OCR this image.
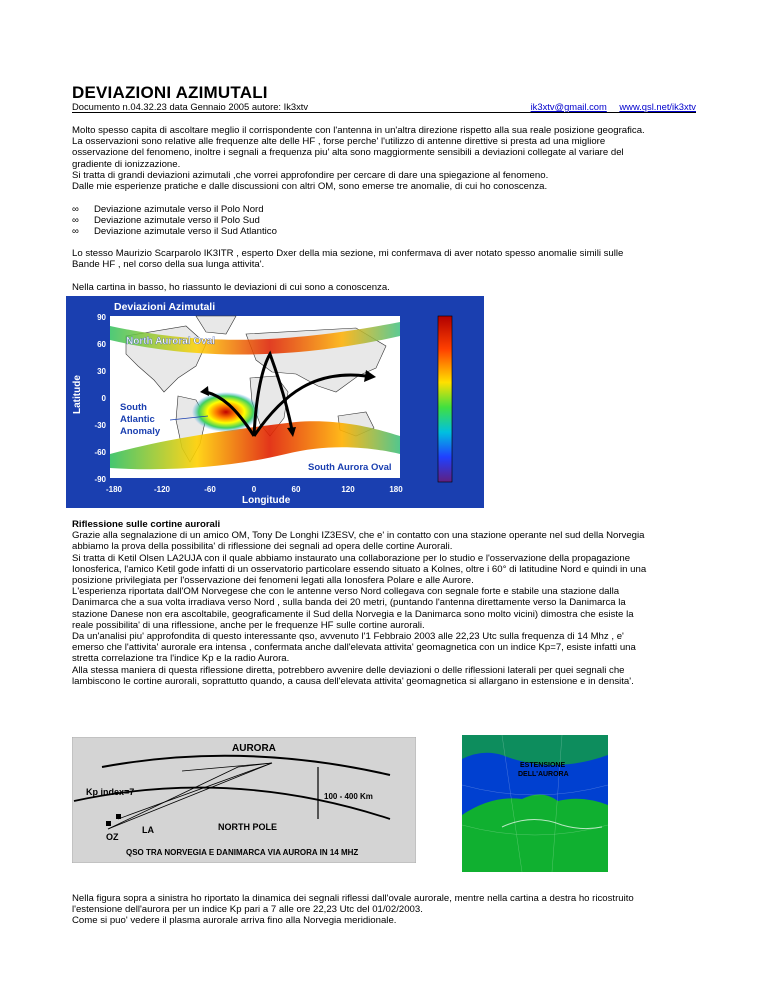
DEVIAZIONI AZIMUTALI
Documento n.04.32.23 data Gennaio 2005 autore: Ik3xtv	ik3xtv@gmail.com www.qsl.net/ik3xtv
Molto spesso capita di ascoltare meglio il corrispondente con l'antenna in un'altra direzione rispetto alla sua reale posizione geografica.
La osservazioni sono relative alle frequenze alte delle HF , forse perche' l'utilizzo di antenne direttive si presta ad una migliore
osservazione del fenomeno, inoltre i segnali a frequenza piu' alta sono maggiormente sensibili a deviazioni collegate al variare del
gradiente di ionizzazione.
Si tratta di grandi deviazioni azimutali ,che vorrei approfondire per cercare di dare una spiegazione al fenomeno.
Dalle mie esperienze pratiche e dalle discussioni con altri OM, sono emerse tre anomalie, di cui ho conoscenza.
∞ Deviazione azimutale verso il Polo Nord
∞ Deviazione azimutale verso il Polo Sud
∞ Deviazione azimutale verso il Sud Atlantico
Lo stesso Maurizio Scarparolo IK3ITR , esperto Dxer della mia sezione, mi confermava di aver notato spesso anomalie simili sulle
Bande HF , nel corso della sua lunga attivita'.
Nella cartina in basso, ho riassunto le deviazioni di cui sono a conoscenza.
Deviazioni Azimutali
North Auroral Oval
South
Atlantic
Anomaly
South Aurora Oval
90
60
30
0
-30
-60
-90
Latitude
-180	-120	-60	0	60	120	180
Longitude
Riflessione sulle cortine aurorali
Grazie alla segnalazione di un amico OM, Tony De Longhi IZ3ESV, che e' in contatto con una stazione operante nel sud della Norvegia
abbiamo la prova della possibilita' di riflessione dei segnali ad opera delle cortine Aurorali.
Si tratta di Ketil Olsen LA2UJA con il quale abbiamo instaurato una collaborazione per lo studio e l'osservazione della propagazione
Ionosferica, l'amico Ketil gode infatti di un osservatorio particolare essendo situato a Kolnes, oltre i 60° di latitudine Nord e quindi in una
posizione privilegiata per l'osservazione dei fenomeni legati alla Ionosfera Polare e alle Aurore.
L'esperienza riportata dall'OM Norvegese che con le antenne verso Nord collegava con segnale forte e stabile una stazione dalla
Danimarca che a sua volta irradiava verso Nord , sulla banda dei 20 metri, (puntando l'antenna direttamente verso la Danimarca la
stazione Danese non era ascoltabile, geograficamente il Sud della Norvegia e la Danimarca sono molto vicini) dimostra che esiste la
reale possibilita' di una riflessione, anche per le frequenze HF sulle cortine aurorali.
Da un'analisi piu' approfondita di questo interessante qso, avvenuto l'1 Febbraio 2003 alle 22,23 Utc sulla frequenza di 14 Mhz , e'
emerso che l'attivita' aurorale era intensa , confermata anche dall'elevata attivita' geomagnetica con un indice Kp=7, esiste infatti una
stretta correlazione tra l'indice Kp e la radio Aurora.
Alla stessa maniera di questa riflessione diretta, potrebbero avvenire delle deviazioni o delle riflessioni laterali per quei segnali che
lambiscono le cortine aurorali, soprattutto quando, a causa dell'elevata attivita' geomagnetica si allargano in estensione e in densita'.
AURORA
Kp index=7	100 - 400 Km
OZ
LA	NORTH POLE
QSO TRA NORVEGIA E DANIMARCA VIA AURORA IN 14 MHZ
ESTENSIONE
DELL'AURORA
Nella figura sopra a sinistra ho riportato la dinamica dei segnali riflessi dall'ovale aurorale, mentre nella cartina a destra ho ricostruito
l'estensione dell'aurora per un indice Kp pari a 7 alle ore 22,23 Utc del 01/02/2003.
Come si puo' vedere il plasma aurorale arriva fino alla Norvegia meridionale.
